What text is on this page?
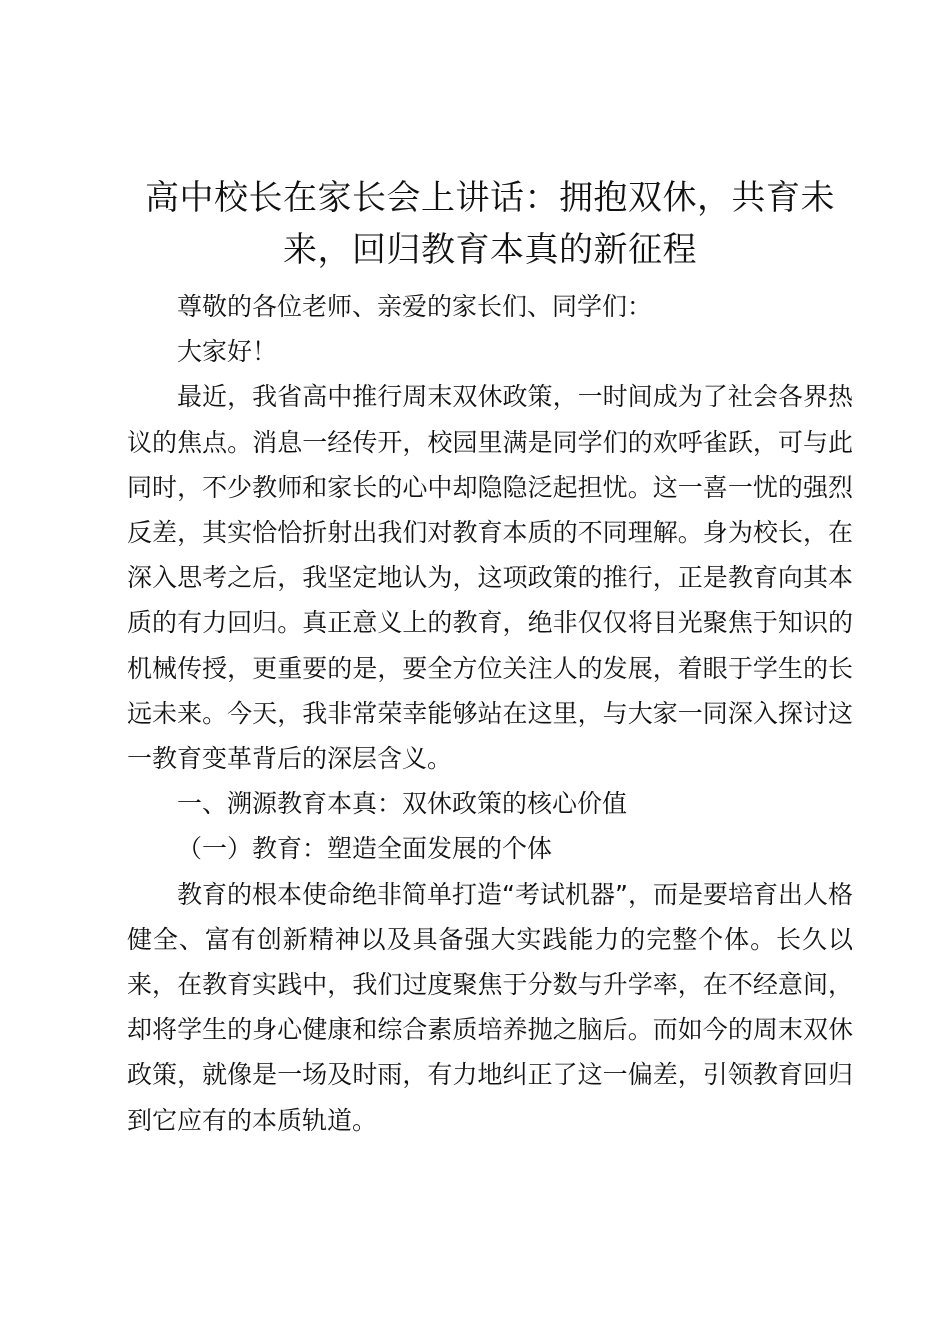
高中校长在家长会上讲话：拥抱双休，共育未
来，回归教育本真的新征程

尊敬的各位老师、亲爱的家长们、同学们：

大家好！

最近，我省高中推行周末双休政策，一时间成为了社会各界热议的焦点。消息一经传开，校园里满是同学们的欢呼雀跃，可与此同时，不少教师和家长的心中却隐隐泛起担忧。这一喜一忧的强烈反差，其实恰恰折射出我们对教育本质的不同理解。身为校长，在深入思考之后，我坚定地认为，这项政策的推行，正是教育向其本质的有力回归。真正意义上的教育，绝非仅仅将目光聚焦于知识的机械传授，更重要的是，要全方位关注人的发展，着眼于学生的长远未来。今天，我非常荣幸能够站在这里，与大家一同深入探讨这一教育变革背后的深层含义。

一、溯源教育本真：双休政策的核心价值

（一）教育：塑造全面发展的个体

教育的根本使命绝非简单打造“考试机器”，而是要培育出人格健全、富有创新精神以及具备强大实践能力的完整个体。长久以来，在教育实践中，我们过度聚焦于分数与升学率，在不经意间，却将学生的身心健康和综合素质培养抛之脑后。而如今的周末双休政策，就像是一场及时雨，有力地纠正了这一偏差，引领教育回归到它应有的本质轨道。
